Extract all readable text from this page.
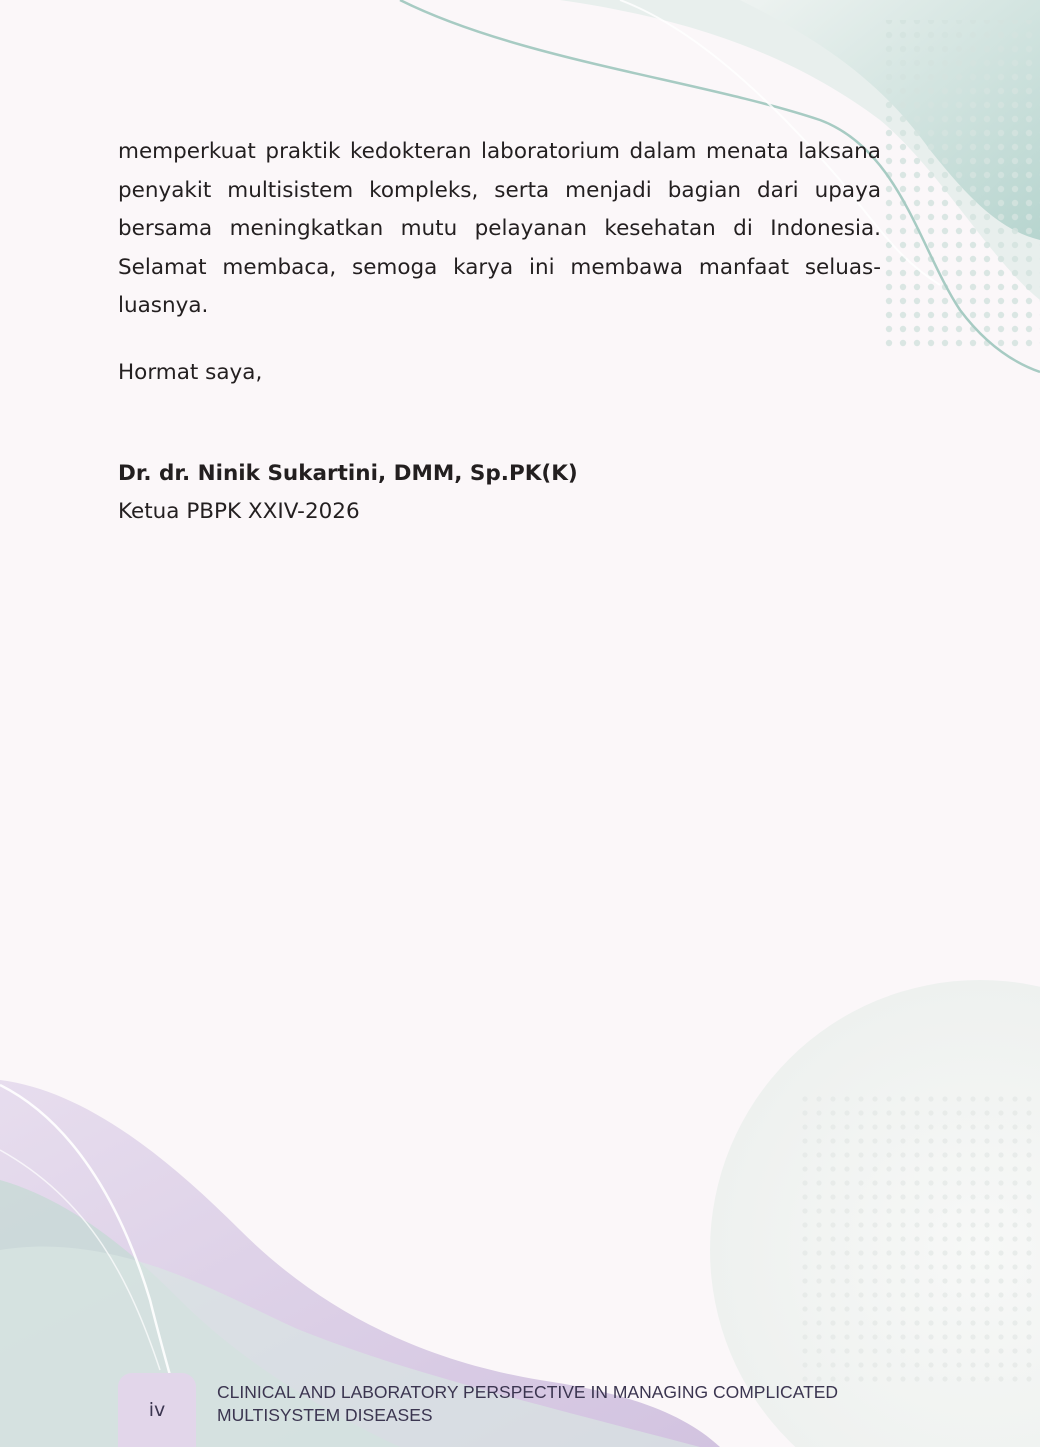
memperkuat praktik kedokteran laboratorium dalam menata laksana penyakit multisistem kompleks, serta menjadi bagian dari upaya bersama meningkatkan mutu pelayanan kesehatan di Indonesia. Selamat membaca, semoga karya ini membawa manfaat seluas-luasnya.

Hormat saya,
Dr. dr. Ninik Sukartini, DMM, Sp.PK(K)
Ketua PBPK XXIV-2026
iv
CLINICAL AND LABORATORY PERSPECTIVE IN MANAGING COMPLICATED
MULTISYSTEM DISEASES
